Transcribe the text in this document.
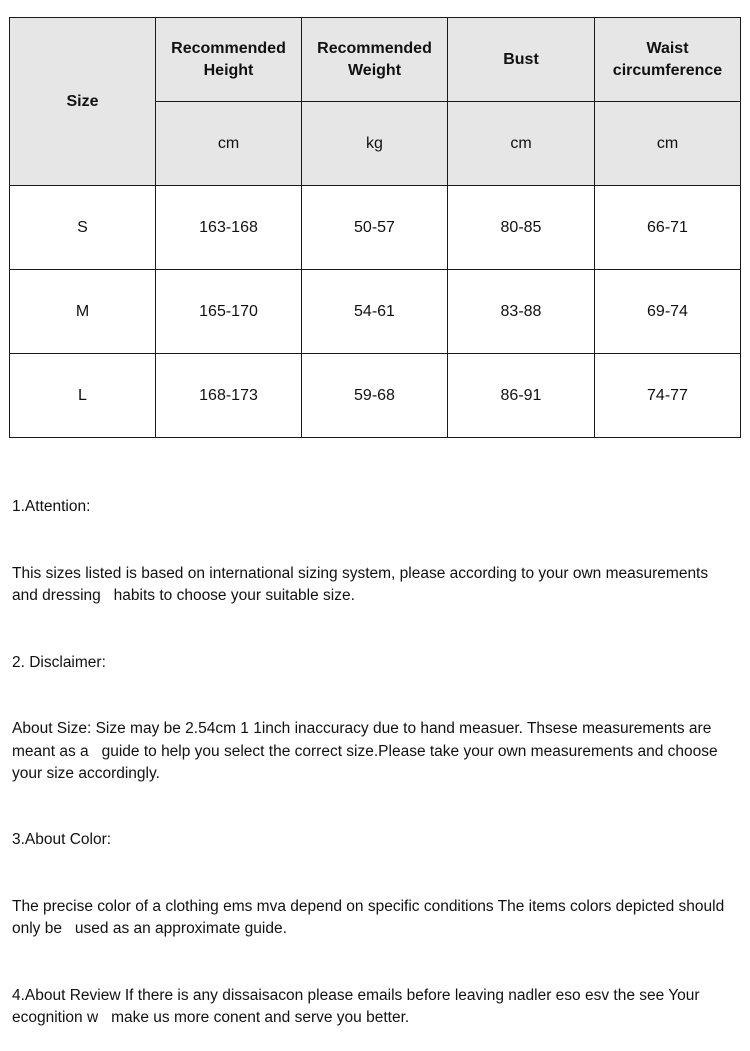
Size	Recommended Height	Recommended Weight	Bust	Waist circumference
	cm	kg	cm	cm
S	163-168	50-57	80-85	66-71
M	165-170	54-61	83-88	69-74
L	168-173	59-68	86-91	74-77

1.Attention:

This sizes listed is based on international sizing system, please according to your own measurements and dressing   habits to choose your suitable size.

2. Disclaimer:

About Size: Size may be 2.54cm 1 1inch inaccuracy due to hand measuer. Thsese measurements are meant as a   guide to help you select the correct size.Please take your own measurements and choose your size accordingly.

3.About Color:

The precise color of a clothing ems mva depend on specific conditions The items colors depicted should only be   used as an approximate guide.

4.About Review If there is any dissaisacon please emails before leaving nadler eso esv the see Your ecognition w   make us more conent and serve you better.
